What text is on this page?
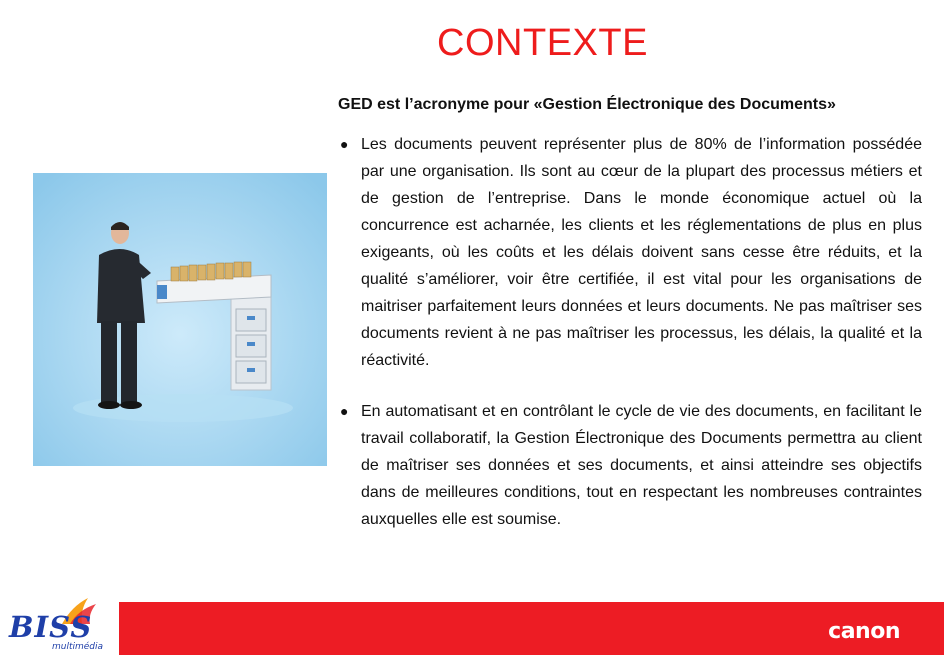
CONTEXTE
GED est l’acronyme pour «Gestion Électronique des Documents»
● Les documents peuvent représenter plus de 80% de l’information possédée par une organisation. Ils sont au cœur de la plupart des processus métiers et de gestion de l’entreprise. Dans le monde économique actuel où la concurrence est acharnée, les clients et les réglementations de plus en plus exigeants, où les coûts et les délais doivent sans cesse être réduits, et la qualité s’améliorer, voir être certifiée, il est vital pour les organisations de maitriser parfaitement leurs données et leurs documents. Ne pas maîtriser ses documents revient à ne pas maîtriser les processus, les délais, la qualité et la réactivité.
● En automatisant et en contrôlant le cycle de vie des documents, en facilitant le travail collaboratif, la Gestion Électronique des Documents permettra au client de maîtriser ses données et ses documents, et ainsi atteindre ses objectifs dans de meilleures conditions, tout en respectant les nombreuses contraintes auxquelles elle est soumise.
canon
BISS
multimédia
